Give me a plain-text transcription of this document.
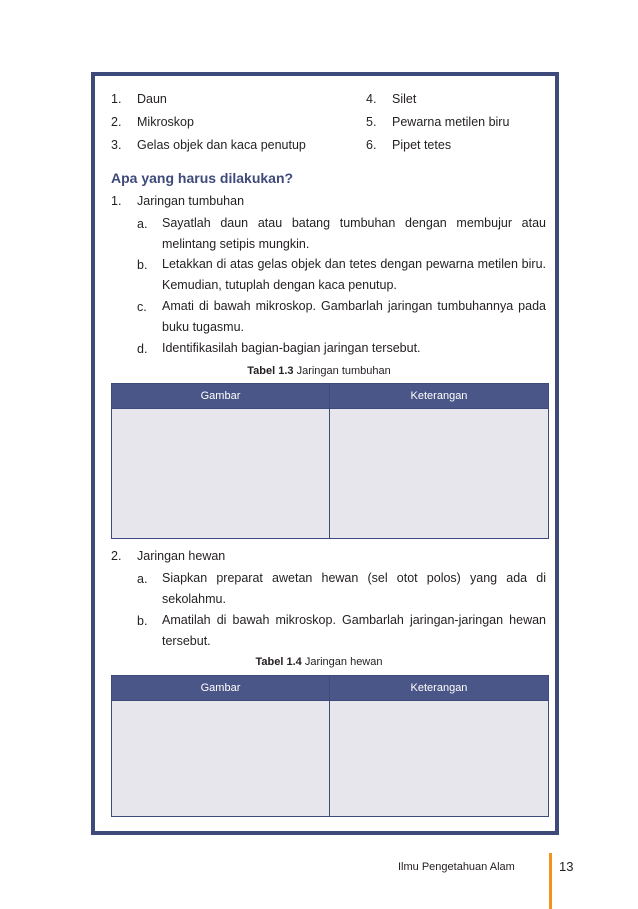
1. Daun
2. Mikroskop
3. Gelas objek dan kaca penutup
4. Silet
5. Pewarna metilen biru
6. Pipet tetes
Apa yang harus dilakukan?
1. Jaringan tumbuhan
a. Sayatlah daun atau batang tumbuhan dengan membujur atau melintang setipis mungkin.
b. Letakkan di atas gelas objek dan tetes dengan pewarna metilen biru. Kemudian, tutuplah dengan kaca penutup.
c. Amati di bawah mikroskop. Gambarlah jaringan tumbuhannya pada buku tugasmu.
d. Identifikasilah bagian-bagian jaringan tersebut.
Tabel 1.3 Jaringan tumbuhan
Gambar	Keterangan

2. Jaringan hewan
a. Siapkan preparat awetan hewan (sel otot polos) yang ada di sekolahmu.
b. Amatilah di bawah mikroskop. Gambarlah jaringan-jaringan hewan tersebut.
Tabel 1.4 Jaringan hewan
Gambar	Keterangan

Ilmu Pengetahuan Alam	13
